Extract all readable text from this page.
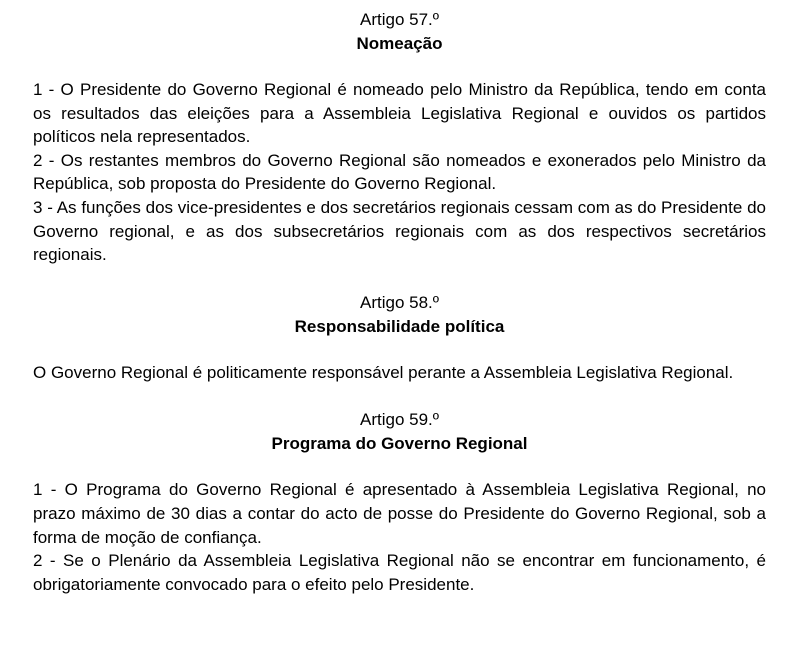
Artigo 57.º

Nomeação

1 - O Presidente do Governo Regional é nomeado pelo Ministro da República, tendo em conta os resultados das eleições para a Assembleia Legislativa Regional e ouvidos os partidos políticos nela representados.

2 - Os restantes membros do Governo Regional são nomeados e exonerados pelo Ministro da República, sob proposta do Presidente do Governo Regional.

3 - As funções dos vice-presidentes e dos secretários regionais cessam com as do Presidente do Governo regional, e as dos subsecretários regionais com as dos respectivos secretários regionais.

Artigo 58.º

Responsabilidade política

O Governo Regional é politicamente responsável perante a Assembleia Legislativa Regional.

Artigo 59.º

Programa do Governo Regional

1 - O Programa do Governo Regional é apresentado à Assembleia Legislativa Regional, no prazo máximo de 30 dias a contar do acto de posse do Presidente do Governo Regional, sob a forma de moção de confiança.

2 - Se o Plenário da Assembleia Legislativa Regional não se encontrar em funcionamento, é obrigatoriamente convocado para o efeito pelo Presidente.
